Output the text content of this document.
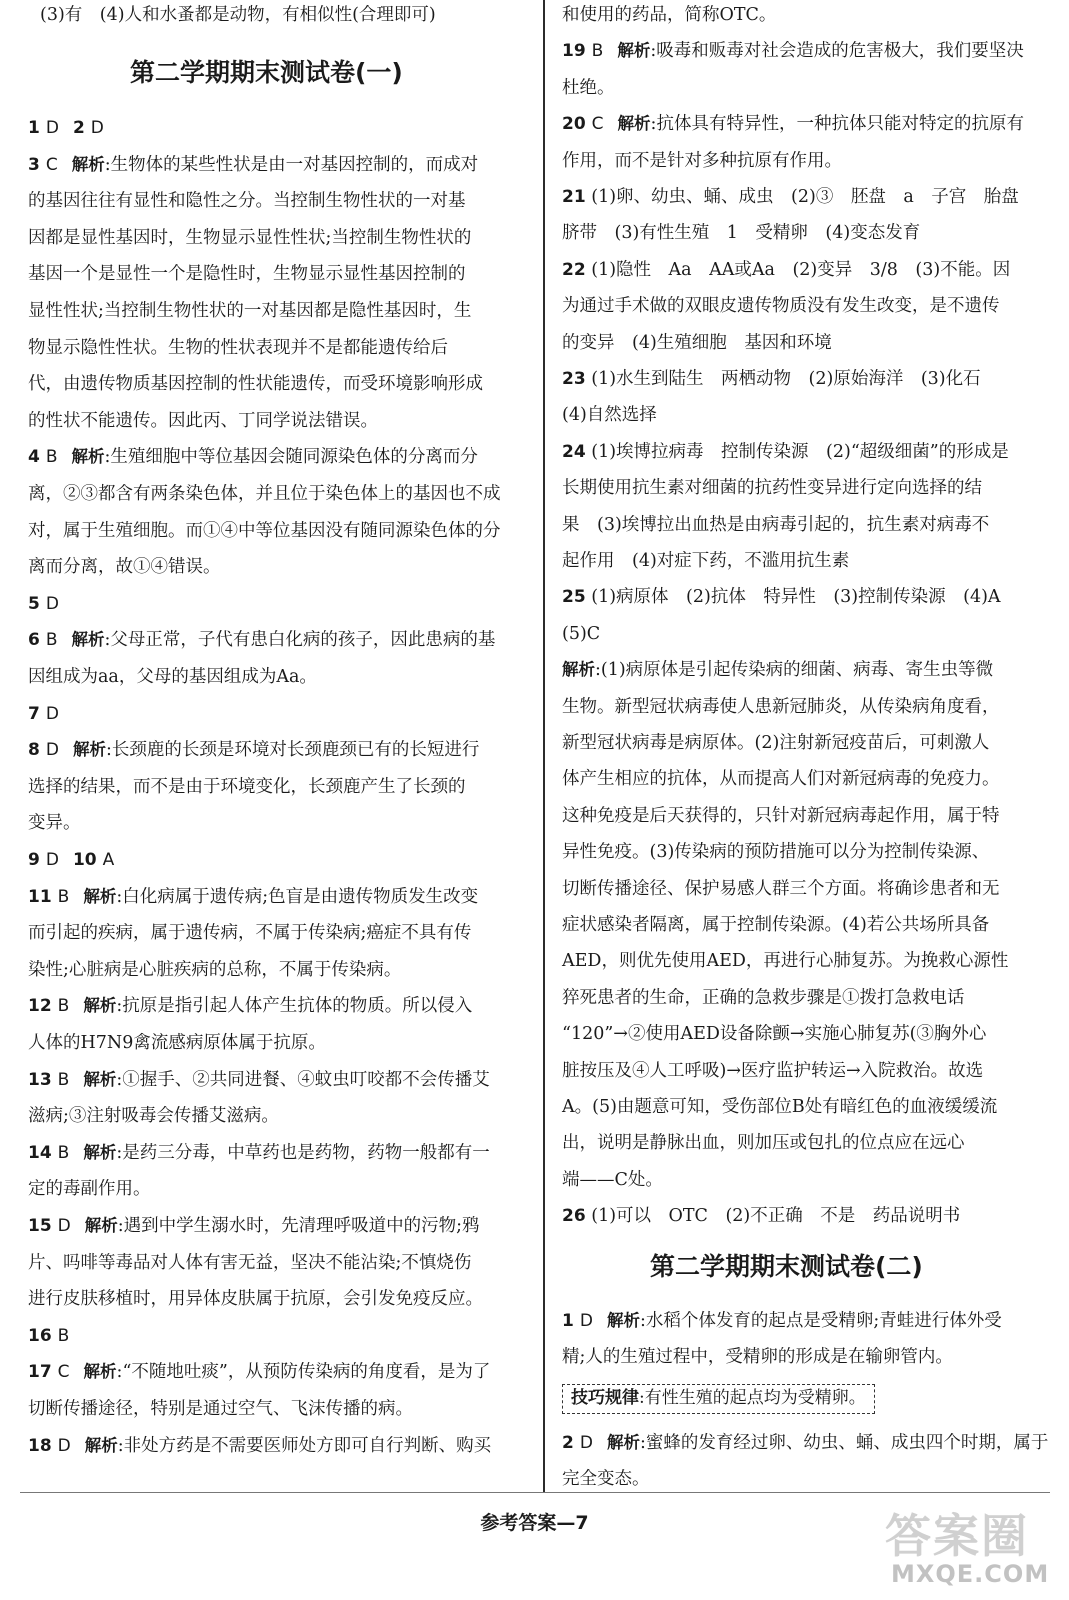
(3)有　(4)人和水蚤都是动物，有相似性(合理即可)
第二学期期末测试卷(一)
1 D 2 D
3 C 解析:生物体的某些性状是由一对基因控制的，而成对
的基因往往有显性和隐性之分。当控制生物性状的一对基
因都是显性基因时，生物显示显性性状;当控制生物性状的
基因一个是显性一个是隐性时，生物显示显性基因控制的
显性性状;当控制生物性状的一对基因都是隐性基因时，生
物显示隐性性状。生物的性状表现并不是都能遗传给后
代，由遗传物质基因控制的性状能遗传，而受环境影响形成
的性状不能遗传。因此丙、丁同学说法错误。
4 B 解析:生殖细胞中等位基因会随同源染色体的分离而分
离，②③都含有两条染色体，并且位于染色体上的基因也不成
对，属于生殖细胞。而①④中等位基因没有随同源染色体的分
离而分离，故①④错误。
5 D
6 B 解析:父母正常，子代有患白化病的孩子，因此患病的基
因组成为aa，父母的基因组成为Aa。
7 D
8 D 解析:长颈鹿的长颈是环境对长颈鹿颈已有的长短进行
选择的结果，而不是由于环境变化，长颈鹿产生了长颈的
变异。
9 D 10 A
11 B 解析:白化病属于遗传病;色盲是由遗传物质发生改变
而引起的疾病，属于遗传病，不属于传染病;癌症不具有传
染性;心脏病是心脏疾病的总称，不属于传染病。
12 B 解析:抗原是指引起人体产生抗体的物质。所以侵入
人体的H7N9禽流感病原体属于抗原。
13 B 解析:①握手、②共同进餐、④蚊虫叮咬都不会传播艾
滋病;③注射吸毒会传播艾滋病。
14 B 解析:是药三分毒，中草药也是药物，药物一般都有一
定的毒副作用。
15 D 解析:遇到中学生溺水时，先清理呼吸道中的污物;鸦
片、吗啡等毒品对人体有害无益，坚决不能沾染;不慎烧伤
进行皮肤移植时，用异体皮肤属于抗原，会引发免疫反应。
16 B
17 C 解析:“不随地吐痰”，从预防传染病的角度看，是为了
切断传播途径，特别是通过空气、飞沫传播的病。
18 D 解析:非处方药是不需要医师处方即可自行判断、购买
和使用的药品，简称OTC。
19 B 解析:吸毒和贩毒对社会造成的危害极大，我们要坚决
杜绝。
20 C 解析:抗体具有特异性，一种抗体只能对特定的抗原有
作用，而不是针对多种抗原有作用。
21 (1)卵、幼虫、蛹、成虫　(2)③　胚盘　a　子宫　胎盘
脐带　(3)有性生殖　1　受精卵　(4)变态发育
22 (1)隐性　Aa　AA或Aa　(2)变异　3/8　(3)不能。因
为通过手术做的双眼皮遗传物质没有发生改变，是不遗传
的变异　(4)生殖细胞　基因和环境
23 (1)水生到陆生　两栖动物　(2)原始海洋　(3)化石
(4)自然选择
24 (1)埃博拉病毒　控制传染源　(2)“超级细菌”的形成是
长期使用抗生素对细菌的抗药性变异进行定向选择的结
果　(3)埃博拉出血热是由病毒引起的，抗生素对病毒不
起作用　(4)对症下药，不滥用抗生素
25 (1)病原体　(2)抗体　特异性　(3)控制传染源　(4)A
(5)C
解析:(1)病原体是引起传染病的细菌、病毒、寄生虫等微
生物。新型冠状病毒使人患新冠肺炎，从传染病角度看，
新型冠状病毒是病原体。(2)注射新冠疫苗后，可刺激人
体产生相应的抗体，从而提高人们对新冠病毒的免疫力。
这种免疫是后天获得的，只针对新冠病毒起作用，属于特
异性免疫。(3)传染病的预防措施可以分为控制传染源、
切断传播途径、保护易感人群三个方面。将确诊患者和无
症状感染者隔离，属于控制传染源。(4)若公共场所具备
AED，则优先使用AED，再进行心肺复苏。为挽救心源性
猝死患者的生命，正确的急救步骤是①拨打急救电话
“120”→②使用AED设备除颤→实施心肺复苏(③胸外心
脏按压及④人工呼吸)→医疗监护转运→入院救治。故选
A。(5)由题意可知，受伤部位B处有暗红色的血液缓缓流
出，说明是静脉出血，则加压或包扎的位点应在远心
端——C处。
26 (1)可以　OTC　(2)不正确　不是　药品说明书
第二学期期末测试卷(二)
1 D 解析:水稻个体发育的起点是受精卵;青蛙进行体外受
精;人的生殖过程中，受精卵的形成是在输卵管内。
技巧规律:有性生殖的起点均为受精卵。
2 D 解析:蜜蜂的发育经过卵、幼虫、蛹、成虫四个时期，属于
完全变态。
参考答案—7	答案圈
MXQE.COM
